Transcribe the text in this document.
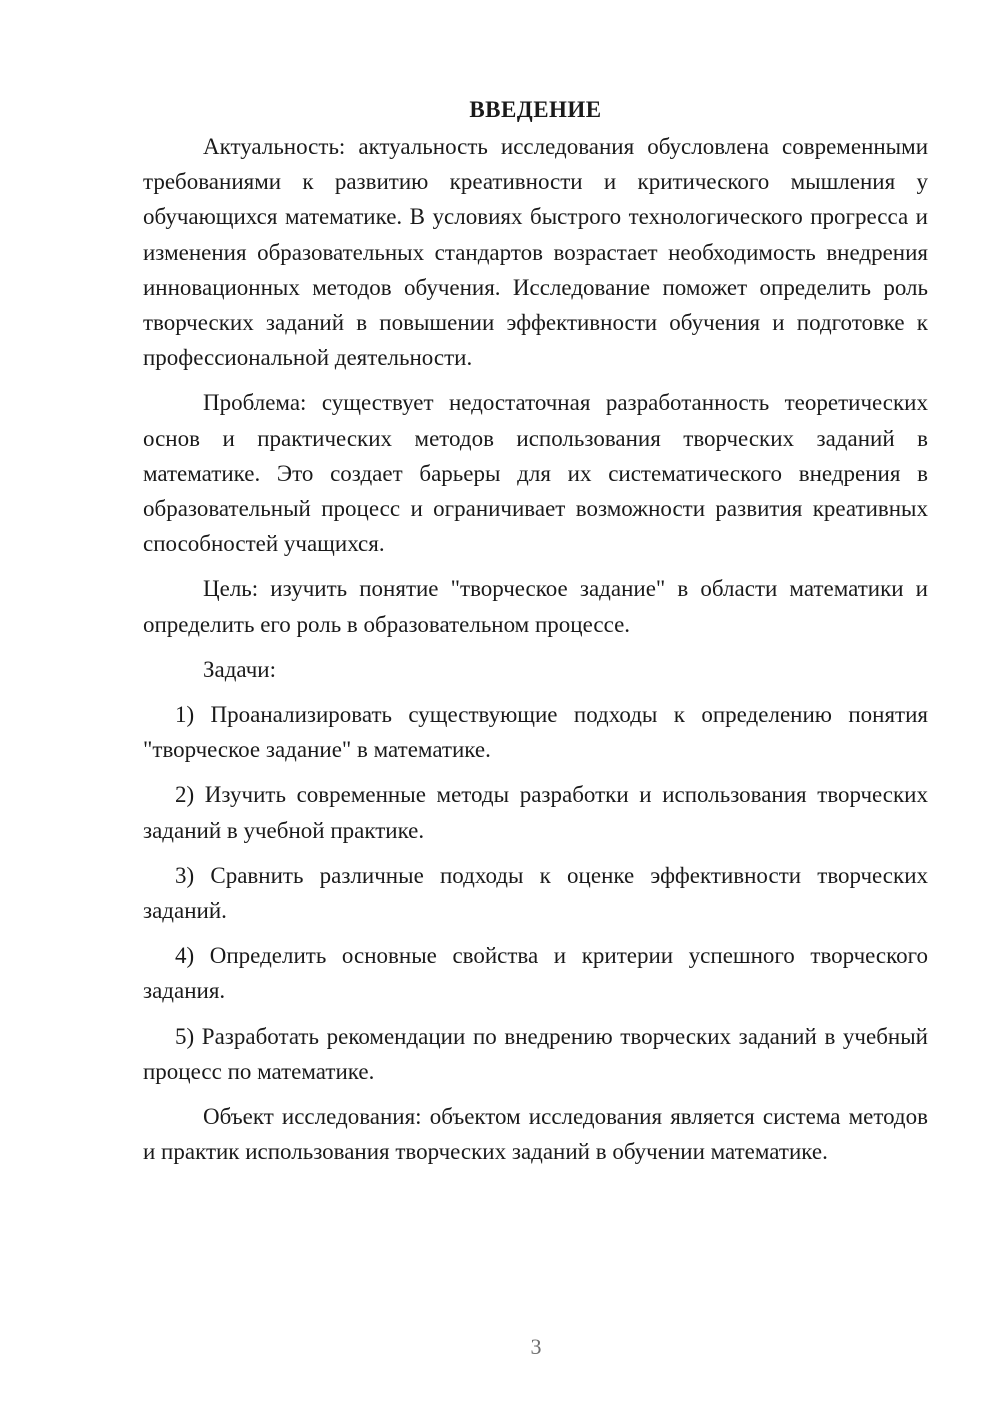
ВВЕДЕНИЕ

Актуальность: актуальность исследования обусловлена современными требованиями к развитию креативности и критического мышления у обучающихся математике. В условиях быстрого технологического прогресса и изменения образовательных стандартов возрастает необходимость внедрения инновационных методов обучения. Исследование поможет определить роль творческих заданий в повышении эффективности обучения и подготовке к профессиональной деятельности.

Проблема: существует недостаточная разработанность теоретических основ и практических методов использования творческих заданий в математике. Это создает барьеры для их систематического внедрения в образовательный процесс и ограничивает возможности развития креативных способностей учащихся.

Цель: изучить понятие "творческое задание" в области математики и определить его роль в образовательном процессе.

Задачи:

1) Проанализировать существующие подходы к определению понятия "творческое задание" в математике.

2) Изучить современные методы разработки и использования творческих заданий в учебной практике.

3) Сравнить различные подходы к оценке эффективности творческих заданий.

4) Определить основные свойства и критерии успешного творческого задания.

5) Разработать рекомендации по внедрению творческих заданий в учебный процесс по математике.

Объект исследования: объектом исследования является система методов и практик использования творческих заданий в обучении математике.

3
